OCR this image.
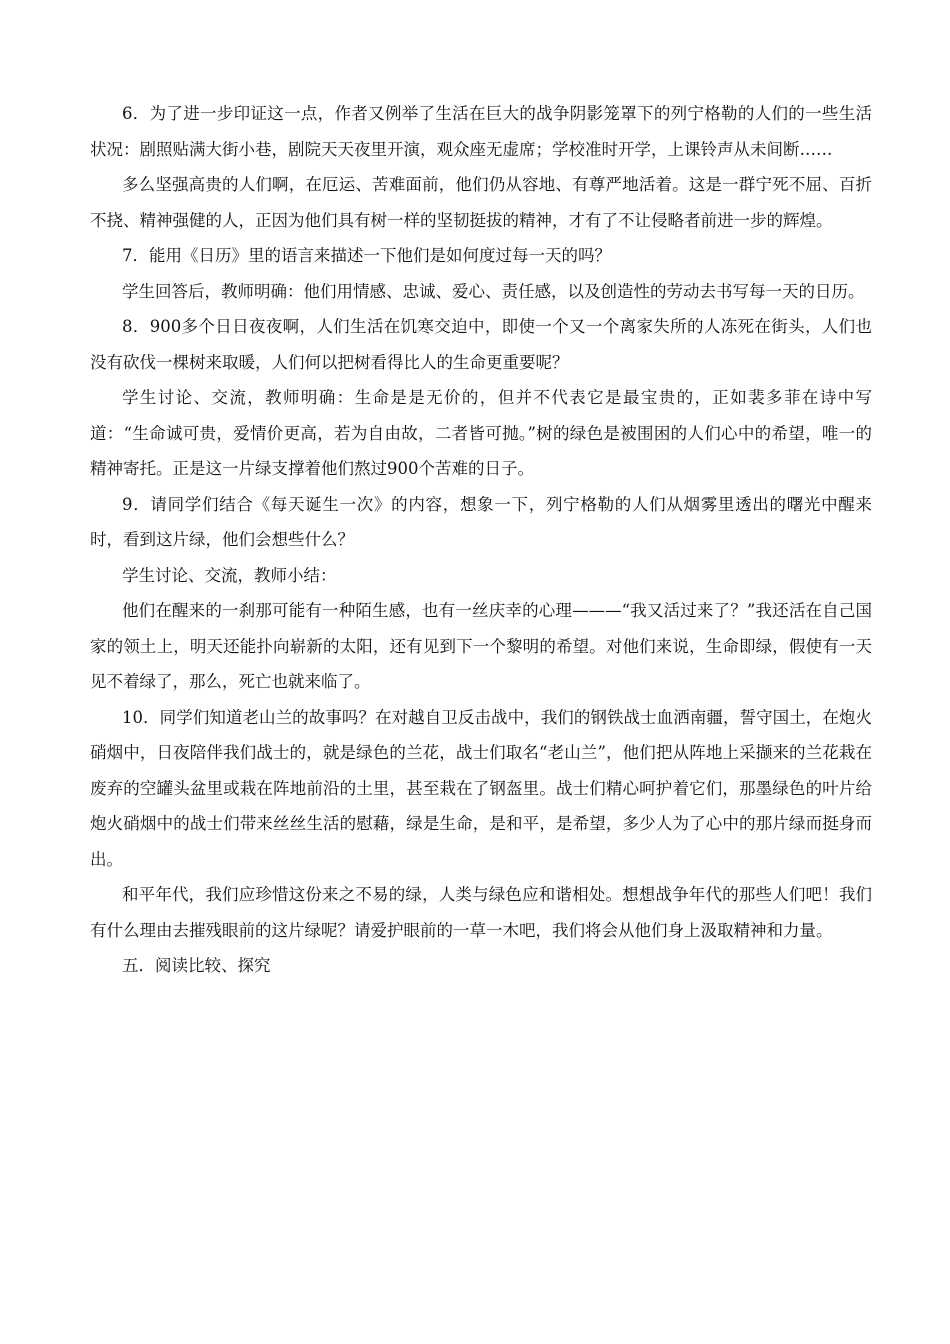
6．为了进一步印证这一点，作者又例举了生活在巨大的战争阴影笼罩下的列宁格勒的人们的一些生活状况：剧照贴满大街小巷，剧院天天夜里开演，观众座无虚席；学校准时开学，上课铃声从未间断……

多么坚强高贵的人们啊，在厄运、苦难面前，他们仍从容地、有尊严地活着。这是一群宁死不屈、百折不挠、精神强健的人，正因为他们具有树一样的坚韧挺拔的精神，才有了不让侵略者前进一步的辉煌。

7．能用《日历》里的语言来描述一下他们是如何度过每一天的吗？

学生回答后，教师明确：他们用情感、忠诚、爱心、责任感，以及创造性的劳动去书写每一天的日历。

8．900多个日日夜夜啊，人们生活在饥寒交迫中，即使一个又一个离家失所的人冻死在街头，人们也没有砍伐一棵树来取暖，人们何以把树看得比人的生命更重要呢？

学生讨论、交流，教师明确：生命是是无价的，但并不代表它是最宝贵的，正如裴多菲在诗中写道：“生命诚可贵，爱情价更高，若为自由故，二者皆可抛。”树的绿色是被围困的人们心中的希望，唯一的精神寄托。正是这一片绿支撑着他们熬过900个苦难的日子。

9．请同学们结合《每天诞生一次》的内容，想象一下，列宁格勒的人们从烟雾里透出的曙光中醒来时，看到这片绿，他们会想些什么？

学生讨论、交流，教师小结：

他们在醒来的一刹那可能有一种陌生感，也有一丝庆幸的心理———“我又活过来了？”我还活在自己国家的领土上，明天还能扑向崭新的太阳，还有见到下一个黎明的希望。对他们来说，生命即绿，假使有一天见不着绿了，那么，死亡也就来临了。

10．同学们知道老山兰的故事吗？在对越自卫反击战中，我们的钢铁战士血洒南疆，誓守国土，在炮火硝烟中，日夜陪伴我们战士的，就是绿色的兰花，战士们取名“老山兰”，他们把从阵地上采撷来的兰花栽在废弃的空罐头盆里或栽在阵地前沿的土里，甚至栽在了钢盔里。战士们精心呵护着它们，那墨绿色的叶片给炮火硝烟中的战士们带来丝丝生活的慰藉，绿是生命，是和平，是希望，多少人为了心中的那片绿而挺身而出。

和平年代，我们应珍惜这份来之不易的绿，人类与绿色应和谐相处。想想战争年代的那些人们吧！我们有什么理由去摧残眼前的这片绿呢？请爱护眼前的一草一木吧，我们将会从他们身上汲取精神和力量。

五．阅读比较、探究
